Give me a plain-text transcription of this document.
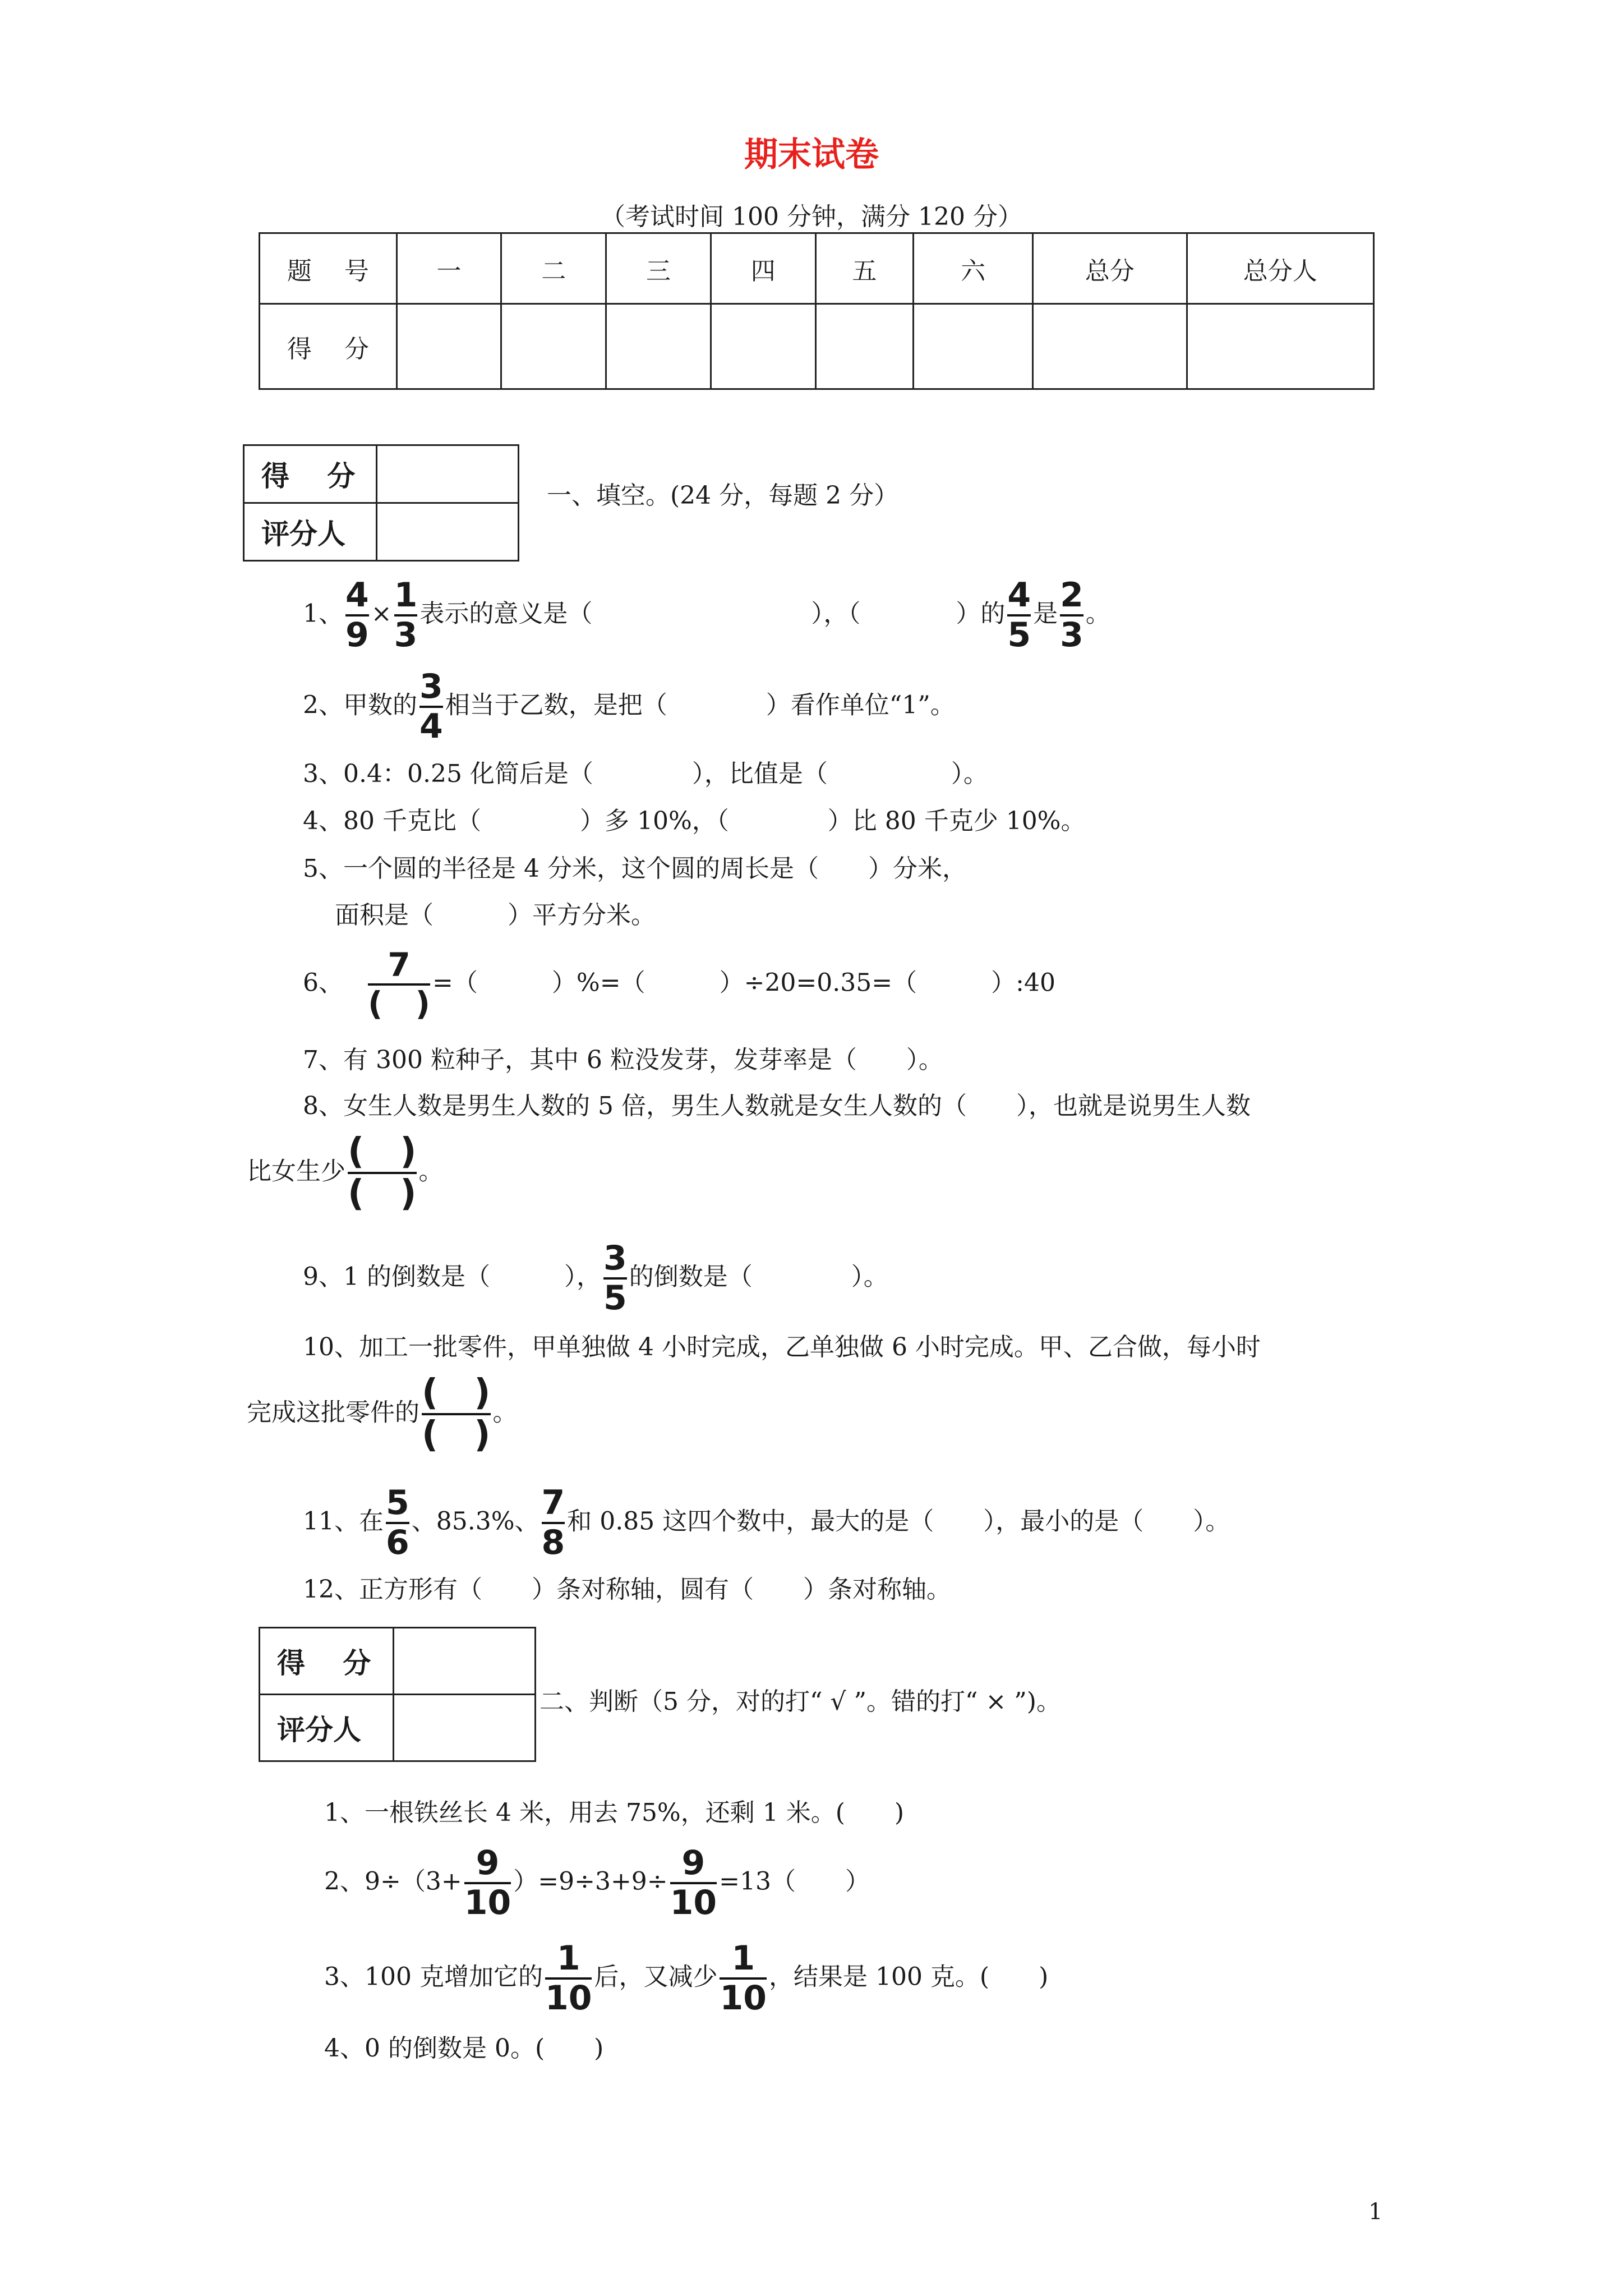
期末试卷
（考试时间 100 分钟，满分 120 分）
题　 号	一	二	三	四	五	六	总分	总分人
得　 分								
得　 分	
评分人	
一、填空。(24 分，每题 2 分）
1、 $\frac{4}{9} \times \frac{1}{3}$ 表示的意义是（	），（	）的 $\frac{4}{5}$ 是 $\frac{2}{3}$ 。
2、甲数的 $\frac{3}{4}$ 相当于乙数，是把（　　　　）看作单位“1”。
3、0.4：0.25 化简后是（　　　　），比值是（　　　　　）。
4、80 千克比（　　　　）多 10%，（　　　　）比 80 千克少 10%。
5、一个圆的半径是 4 分米，这个圆的周长是（　　）分米，
面积是（　　　）平方分米。
6、 $\frac{7}{( )}$ =（　　　）%=（　　　）÷20=0.35=（　　　）:40
7、有 300 粒种子，其中 6 粒没发芽，发芽率是（　　）。
8、女生人数是男生人数的 5 倍，男生人数就是女生人数的（　　），也就是说男生人数
比女生少 $\frac{( )}{( )}$ 。
9、1 的倒数是（　　　）， $\frac{3}{5}$ 的倒数是（　　　　）。
10、加工一批零件，甲单独做 4 小时完成，乙单独做 6 小时完成。甲、乙合做，每小时
完成这批零件的 $\frac{( )}{( )}$ 。
11、在 $\frac{5}{6}$ 、85.3%、 $\frac{7}{8}$ 和 0.85 这四个数中，最大的是（　　），最小的是（　　）。
12、正方形有（　　）条对称轴，圆有（　　）条对称轴。
得　 分	
评分人	
二、判断（5 分，对的打“ √ ”。错的打“ × ”)。
1、一根铁丝长 4 米，用去 75%，还剩 1 米。(　　)
2、$9\div(3+ \frac{9}{10} )=9\div 3+9\div \frac{9}{10} =13$（　　）
3、100 克增加它的 $\frac{1}{10}$ 后，又减少 $\frac{1}{10}$ ，结果是 100 克。(　　)
4、0 的倒数是 0。(　　)
1
